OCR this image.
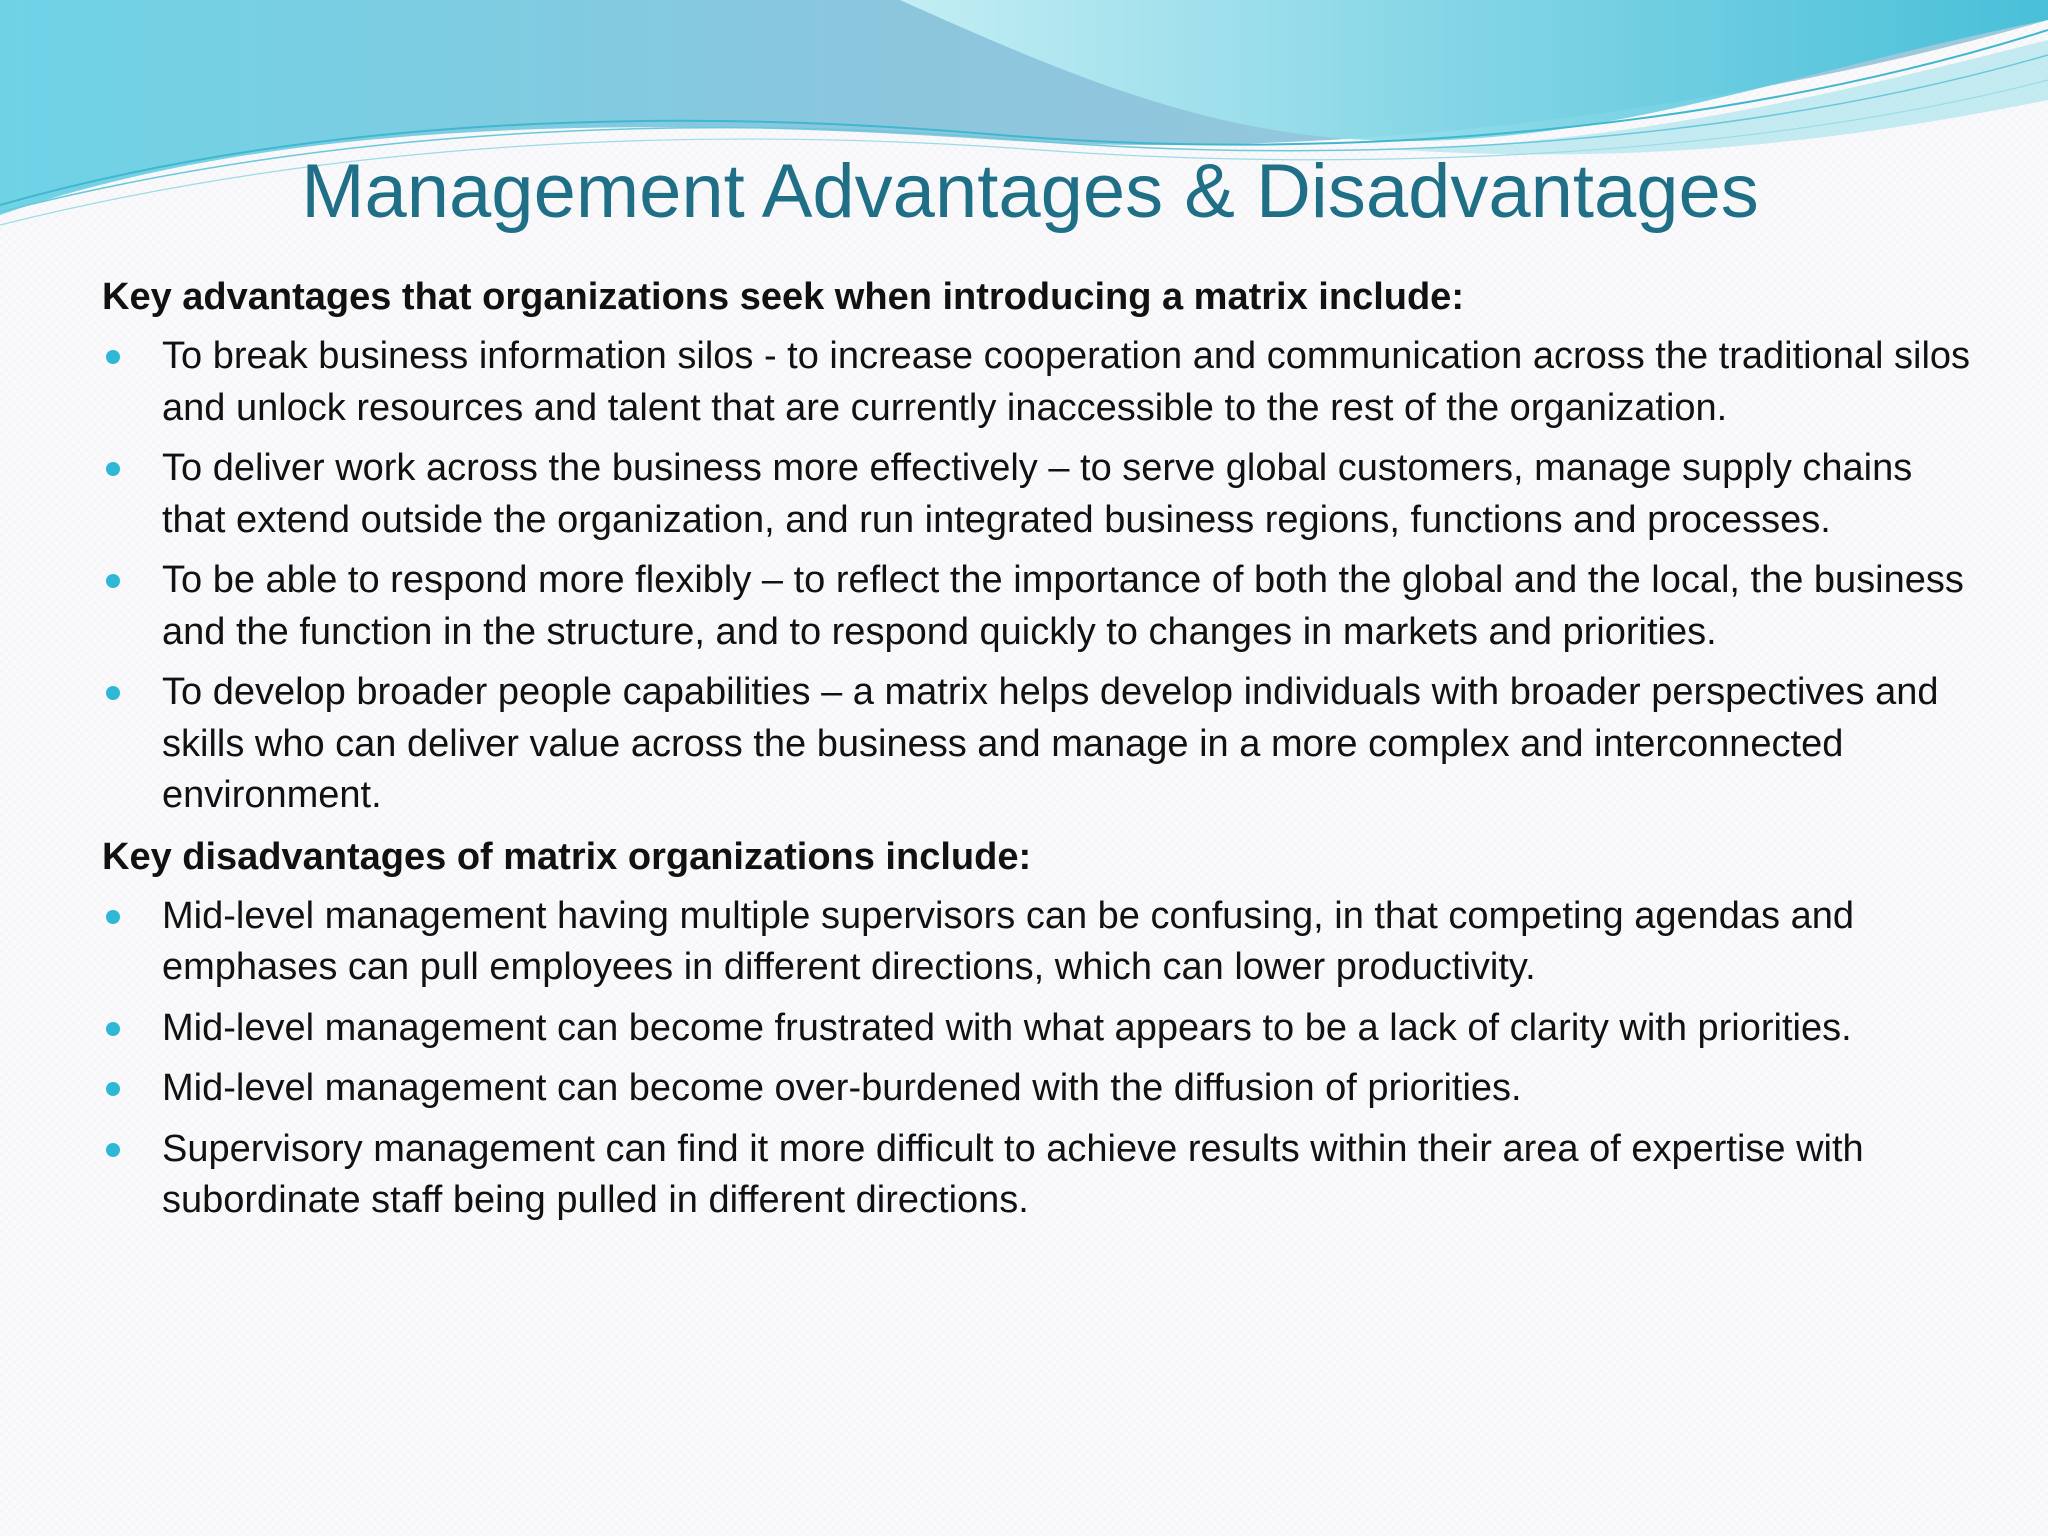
Management Advantages & Disadvantages

Key advantages that organizations seek when introducing a matrix include:

To break business information silos - to increase cooperation and communication across the traditional silos and unlock resources and talent that are currently inaccessible to the rest of the organization.
To deliver work across the business more effectively – to serve global customers, manage supply chains that extend outside the organization, and run integrated business regions, functions and processes.
To be able to respond more flexibly – to reflect the importance of both the global and the local, the business and the function in the structure, and to respond quickly to changes in markets and priorities.
To develop broader people capabilities – a matrix helps develop individuals with broader perspectives and skills who can deliver value across the business and manage in a more complex and interconnected environment.

Key disadvantages of matrix organizations include:

Mid-level management having multiple supervisors can be confusing, in that competing agendas and emphases can pull employees in different directions, which can lower productivity.
Mid-level management can become frustrated with what appears to be a lack of clarity with priorities.
Mid-level management can become over-burdened with the diffusion of priorities.
Supervisory management can find it more difficult to achieve results within their area of expertise with subordinate staff being pulled in different directions.
